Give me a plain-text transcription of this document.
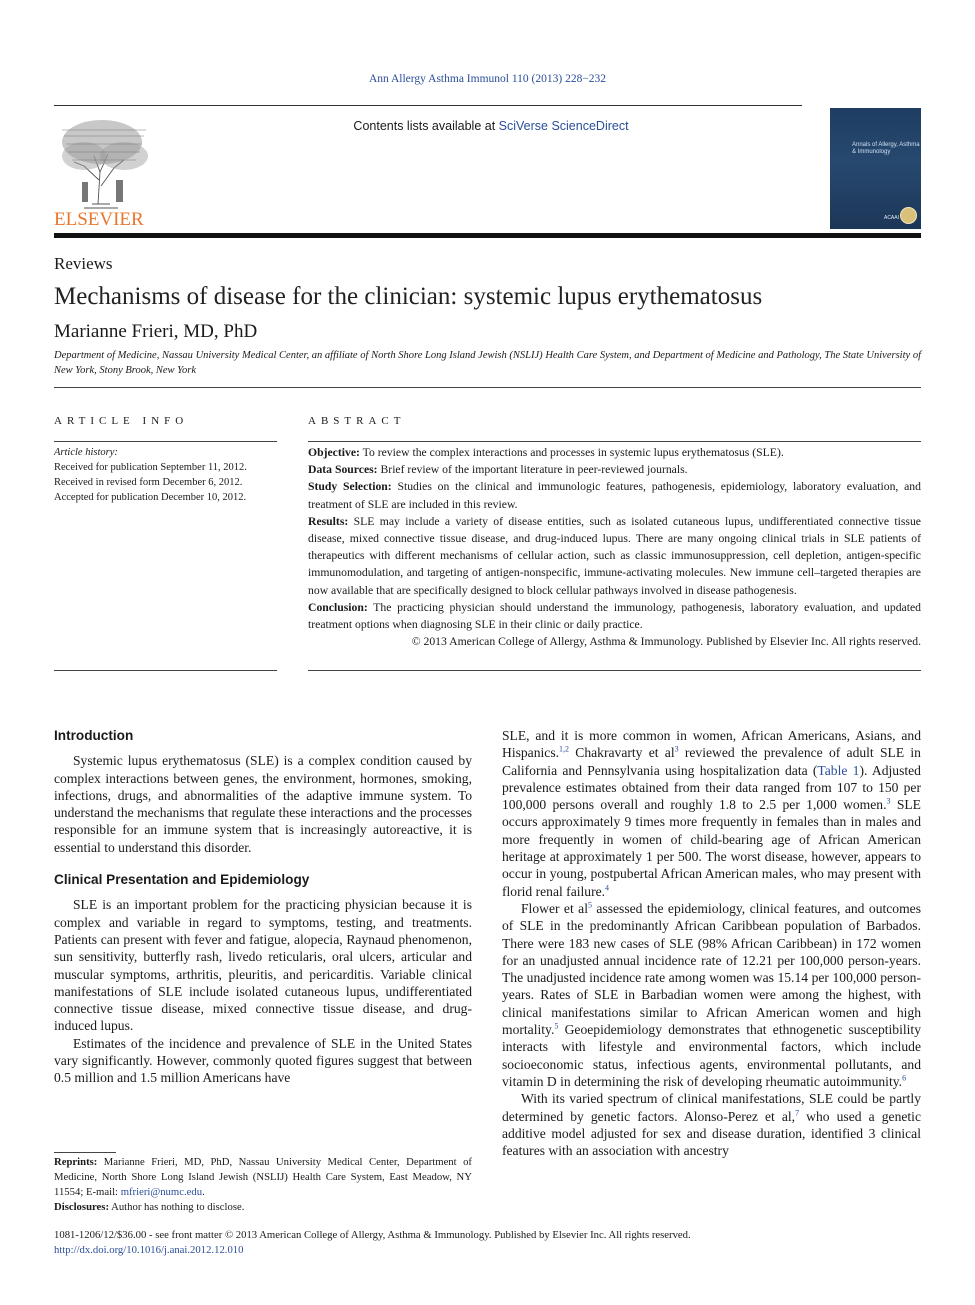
Ann Allergy Asthma Immunol 110 (2013) 228−232
ELSEVIER
Contents lists available at SciVerse ScienceDirect
Annals of Allergy, Asthma & Immunology
ACAAI
Reviews
Mechanisms of disease for the clinician: systemic lupus erythematosus
Marianne Frieri, MD, PhD
Department of Medicine, Nassau University Medical Center, an affiliate of North Shore Long Island Jewish (NSLIJ) Health Care System, and Department of Medicine and Pathology, The State University of New York, Stony Brook, New York
ARTICLE INFO	ABSTRACT
Article history:
Received for publication September 11, 2012.
Received in revised form December 6, 2012.
Accepted for publication December 10, 2012.

Objective: To review the complex interactions and processes in systemic lupus erythematosus (SLE).

Data Sources: Brief review of the important literature in peer-reviewed journals.

Study Selection: Studies on the clinical and immunologic features, pathogenesis, epidemiology, laboratory evaluation, and treatment of SLE are included in this review.

Results: SLE may include a variety of disease entities, such as isolated cutaneous lupus, undifferentiated connective tissue disease, mixed connective tissue disease, and drug-induced lupus. There are many ongoing clinical trials in SLE patients of therapeutics with different mechanisms of cellular action, such as classic immunosuppression, cell depletion, antigen-specific immunomodulation, and targeting of antigen-nonspecific, immune-activating molecules. New immune cell–targeted therapies are now available that are specifically designed to block cellular pathways involved in disease pathogenesis.

Conclusion: The practicing physician should understand the immunology, pathogenesis, laboratory evaluation, and updated treatment options when diagnosing SLE in their clinic or daily practice.

© 2013 American College of Allergy, Asthma & Immunology. Published by Elsevier Inc. All rights reserved.

Introduction

Systemic lupus erythematosus (SLE) is a complex condition caused by complex interactions between genes, the environment, hormones, smoking, infections, drugs, and abnormalities of the adaptive immune system. To understand the mechanisms that regulate these interactions and the processes responsible for an immune system that is increasingly autoreactive, it is essential to understand this disorder.

Clinical Presentation and Epidemiology

SLE is an important problem for the practicing physician because it is complex and variable in regard to symptoms, testing, and treatments. Patients can present with fever and fatigue, alopecia, Raynaud phenomenon, sun sensitivity, butterfly rash, livedo reticularis, oral ulcers, articular and muscular symptoms, arthritis, pleuritis, and pericarditis. Variable clinical manifestations of SLE include isolated cutaneous lupus, undifferentiated connective tissue disease, mixed connective tissue disease, and drug-induced lupus.

Estimates of the incidence and prevalence of SLE in the United States vary significantly. However, commonly quoted figures suggest that between 0.5 million and 1.5 million Americans have

SLE, and it is more common in women, African Americans, Asians, and Hispanics.$^{1,2}$ Chakravarty et $al^3$ reviewed the prevalence of adult SLE in California and Pennsylvania using hospitalization data (Table 1). Adjusted prevalence estimates obtained from their data ranged from 107 to 150 per 100,000 persons overall and roughly 1.8 to 2.5 per 1,000 women.$^3$ SLE occurs approximately 9 times more frequently in females than in males and more frequently in women of child-bearing age of African American heritage at approximately 1 per 500. The worst disease, however, appears to occur in young, postpubertal African American males, who may present with florid renal failure.$^4$

Flower et $al^5$ assessed the epidemiology, clinical features, and outcomes of SLE in the predominantly African Caribbean population of Barbados. There were 183 new cases of SLE (98% African Caribbean) in 172 women for an unadjusted annual incidence rate of 12.21 per 100,000 person-years. The unadjusted incidence rate among women was 15.14 per 100,000 person-years. Rates of SLE in Barbadian women were among the highest, with clinical manifestations similar to African American women and high mortality.$^5$ Geoepidemiology demonstrates that ethnogenetic susceptibility interacts with lifestyle and environmental factors, which include socioeconomic status, infectious agents, environmental pollutants, and vitamin D in determining the risk of developing rheumatic autoimmunity.$^6$

With its varied spectrum of clinical manifestations, SLE could be partly determined by genetic factors. Alonso-Perez et al,$^7$ who used a genetic additive model adjusted for sex and disease duration, identified 3 clinical features with an association with ancestry

Reprints: Marianne Frieri, MD, PhD, Nassau University Medical Center, Department of Medicine, North Shore Long Island Jewish (NSLIJ) Health Care System, East Meadow, NY 11554; E-mail: mfrieri@numc.edu.

Disclosures: Author has nothing to disclose.

1081-1206/12/$36.00 - see front matter © 2013 American College of Allergy, Asthma & Immunology. Published by Elsevier Inc. All rights reserved.
http://dx.doi.org/10.1016/j.anai.2012.12.010
